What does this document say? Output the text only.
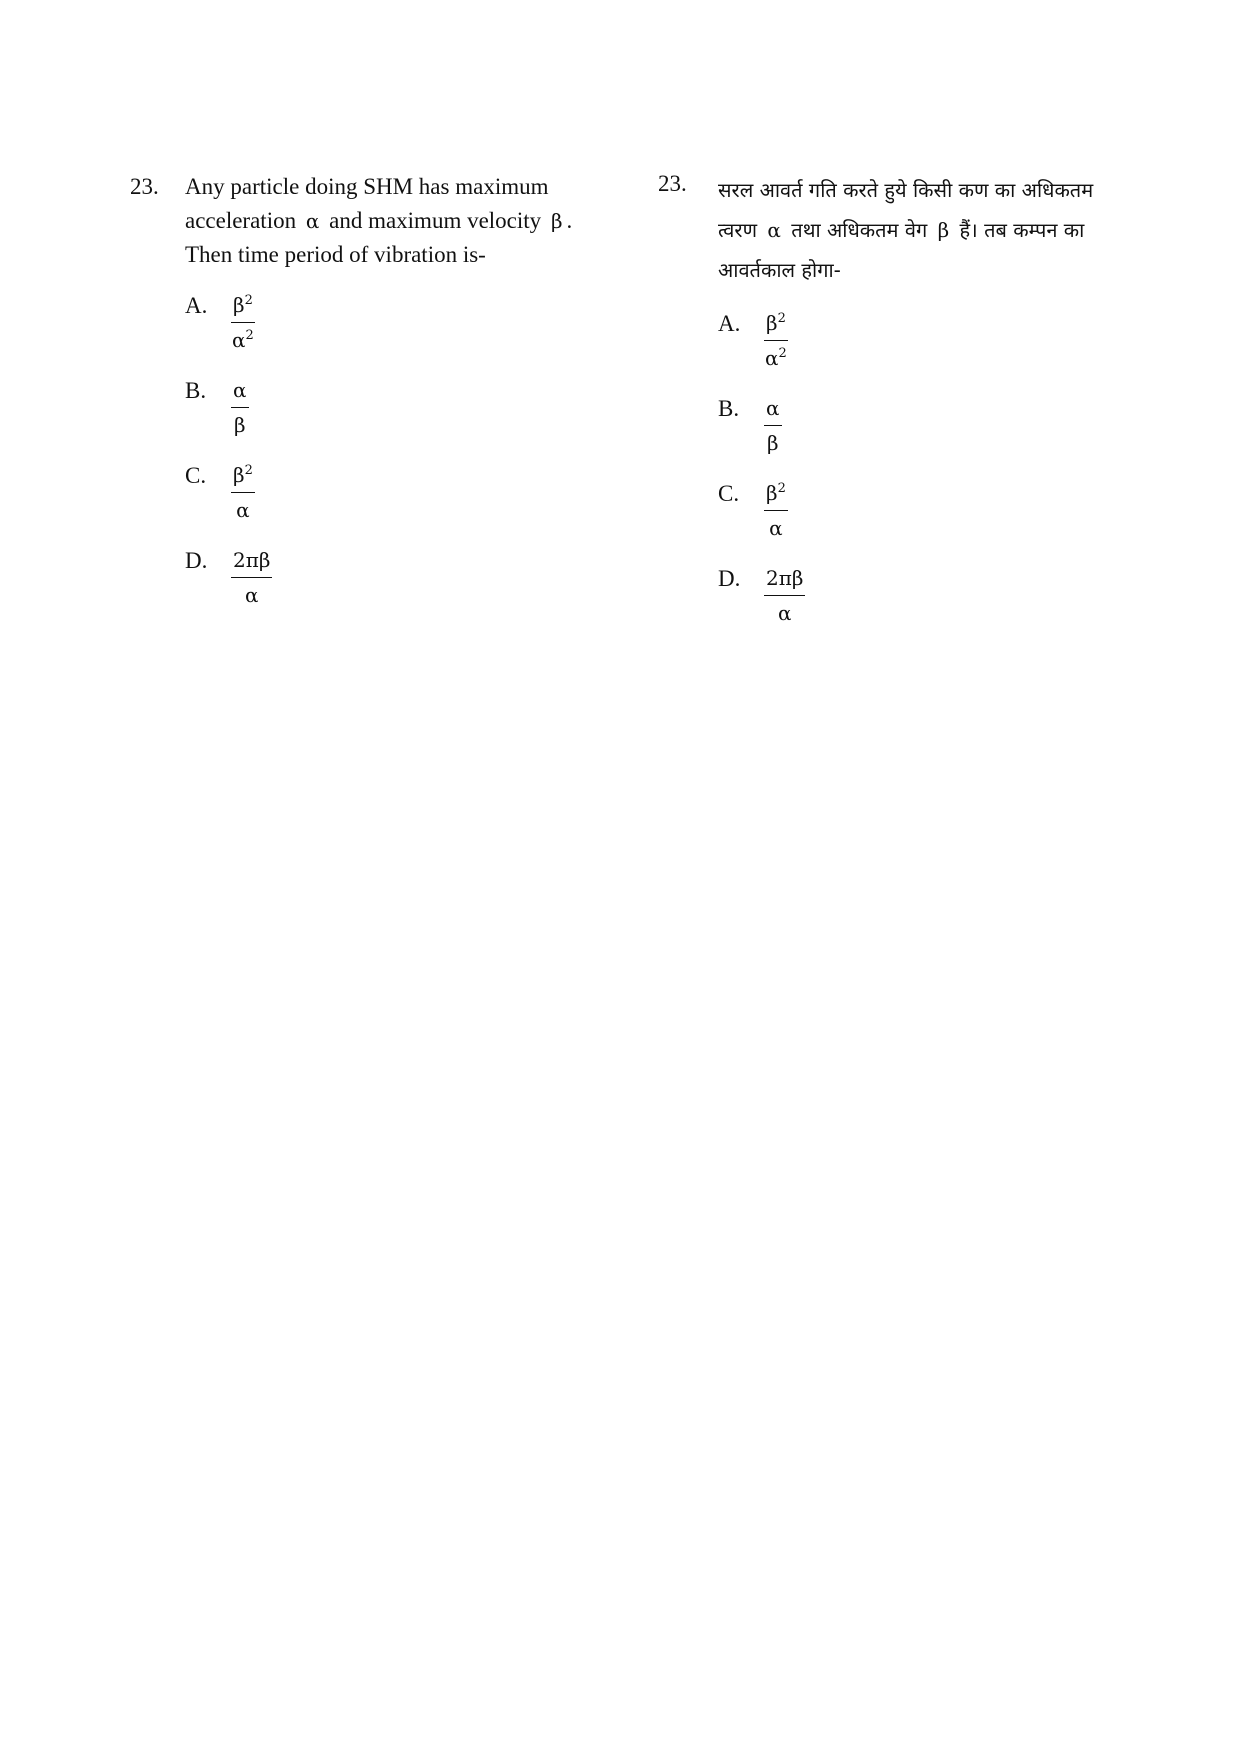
23. Any particle doing SHM has maximum acceleration α and maximum velocity β . Then time period of vibration is-
A.	$\frac{\beta^2}{\alpha^2}$
B.	$\frac{\alpha}{\beta}$
C.	$\frac{\beta^2}{\alpha}$
D.	$\frac{2\pi\beta}{\alpha}$
23. सरल आवर्त गति करते हुये किसी कण का अधिकतम त्वरण α तथा अधिकतम वेग β हैं। तब कम्पन का आवर्तकाल होगा-
A.	$\frac{\beta^2}{\alpha^2}$
B.	$\frac{\alpha}{\beta}$
C.	$\frac{\beta^2}{\alpha}$
D.	$\frac{2\pi\beta}{\alpha}$
